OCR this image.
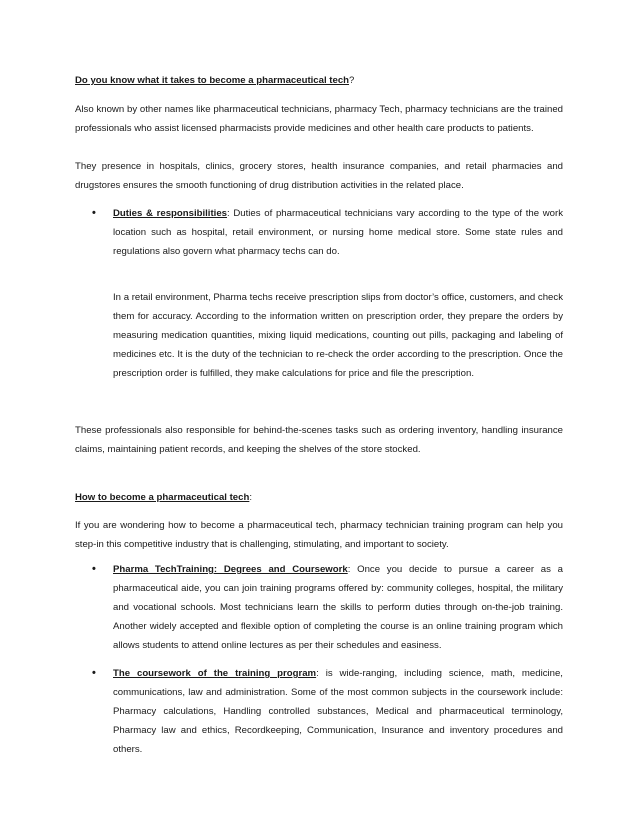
Do you know what it takes to become a pharmaceutical tech?

Also known by other names like pharmaceutical technicians, pharmacy Tech, pharmacy technicians are the trained professionals who assist licensed pharmacists provide medicines and other health care products to patients.

They presence in hospitals, clinics, grocery stores, health insurance companies, and retail pharmacies and drugstores ensures the smooth functioning of drug distribution activities in the related place.

•	Duties & responsibilities: Duties of pharmaceutical technicians vary according to the type of the work location such as hospital, retail environment, or nursing home medical store. Some state rules and regulations also govern what pharmacy techs can do.

In a retail environment, Pharma techs receive prescription slips from doctor’s office, customers, and check them for accuracy. According to the information written on prescription order, they prepare the orders by measuring medication quantities, mixing liquid medications, counting out pills, packaging and labeling of medicines etc. It is the duty of the technician to re-check the order according to the prescription. Once the prescription order is fulfilled, they make calculations for price and file the prescription.

These professionals also responsible for behind-the-scenes tasks such as ordering inventory, handling insurance claims, maintaining patient records, and keeping the shelves of the store stocked.

How to become a pharmaceutical tech:

If you are wondering how to become a pharmaceutical tech, pharmacy technician training program can help you step-in this competitive industry that is challenging, stimulating, and important to society.

•	Pharma TechTraining: Degrees and Coursework: Once you decide to pursue a career as a pharmaceutical aide, you can join training programs offered by: community colleges, hospital, the military and vocational schools. Most technicians learn the skills to perform duties through on-the-job training. Another widely accepted and flexible option of completing the course is an online training program which allows students to attend online lectures as per their schedules and easiness.

•	The coursework of the training program: is wide-ranging, including science, math, medicine, communications, law and administration. Some of the most common subjects in the coursework include: Pharmacy calculations, Handling controlled substances, Medical and pharmaceutical terminology, Pharmacy law and ethics, Recordkeeping, Communication, Insurance and inventory procedures and others.
